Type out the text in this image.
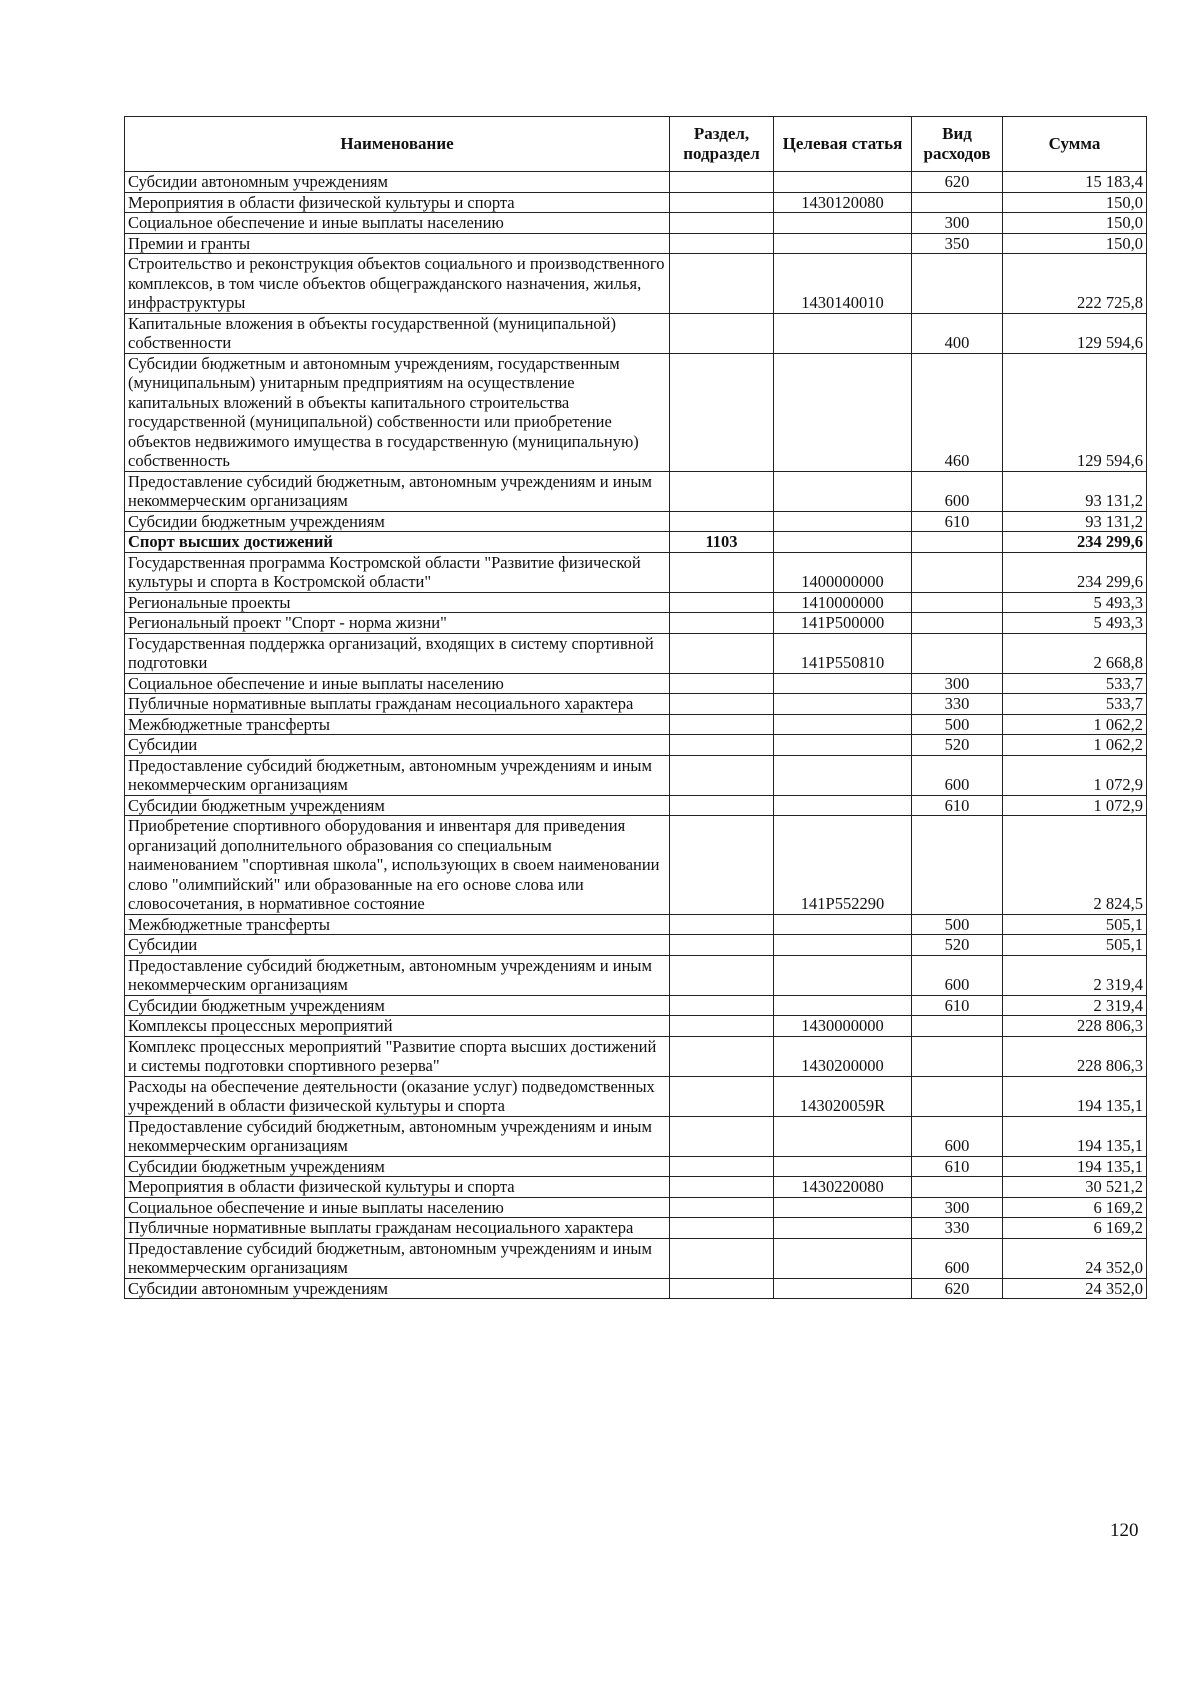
Наименование	Раздел, подраздел	Целевая статья	Вид расходов	Сумма
Субсидии автономным учреждениям			620	15 183,4
Мероприятия в области физической культуры и спорта		1430120080		150,0
Социальное обеспечение и иные выплаты населению			300	150,0
Премии и гранты			350	150,0
Строительство и реконструкция объектов социального и производственного комплексов, в том числе объектов общегражданского назначения, жилья, инфраструктуры		1430140010		222 725,8
Капитальные вложения в объекты государственной (муниципальной) собственности			400	129 594,6
Субсидии бюджетным и автономным учреждениям, государственным (муниципальным) унитарным предприятиям на осуществление капитальных вложений в объекты капитального строительства государственной (муниципальной) собственности или приобретение объектов недвижимого имущества в государственную (муниципальную) собственность			460	129 594,6
Предоставление субсидий бюджетным, автономным учреждениям и иным некоммерческим организациям			600	93 131,2
Субсидии бюджетным учреждениям			610	93 131,2
Спорт высших достижений	1103			234 299,6
Государственная программа Костромской области "Развитие физической культуры и спорта в Костромской области"		1400000000		234 299,6
Региональные проекты		1410000000		5 493,3
Региональный проект "Спорт - норма жизни"		141P500000		5 493,3
Государственная поддержка организаций, входящих в систему спортивной подготовки		141P550810		2 668,8
Социальное обеспечение и иные выплаты населению			300	533,7
Публичные нормативные выплаты гражданам несоциального характера			330	533,7
Межбюджетные трансферты			500	1 062,2
Субсидии			520	1 062,2
Предоставление субсидий бюджетным, автономным учреждениям и иным некоммерческим организациям			600	1 072,9
Субсидии бюджетным учреждениям			610	1 072,9
Приобретение спортивного оборудования и инвентаря для приведения организаций дополнительного образования со специальным наименованием "спортивная школа", использующих в своем наименовании слово "олимпийский" или образованные на его основе слова или словосочетания, в нормативное состояние		141P552290		2 824,5
Межбюджетные трансферты			500	505,1
Субсидии			520	505,1
Предоставление субсидий бюджетным, автономным учреждениям и иным некоммерческим организациям			600	2 319,4
Субсидии бюджетным учреждениям			610	2 319,4
Комплексы процессных мероприятий		1430000000		228 806,3
Комплекс процессных мероприятий "Развитие спорта высших достижений и системы подготовки спортивного резерва"		1430200000		228 806,3
Расходы на обеспечение деятельности (оказание услуг) подведомственных учреждений в области физической культуры и спорта		143020059R		194 135,1
Предоставление субсидий бюджетным, автономным учреждениям и иным некоммерческим организациям			600	194 135,1
Субсидии бюджетным учреждениям			610	194 135,1
Мероприятия в области физической культуры и спорта		1430220080		30 521,2
Социальное обеспечение и иные выплаты населению			300	6 169,2
Публичные нормативные выплаты гражданам несоциального характера			330	6 169,2
Предоставление субсидий бюджетным, автономным учреждениям и иным некоммерческим организациям			600	24 352,0
Субсидии автономным учреждениям			620	24 352,0
120
